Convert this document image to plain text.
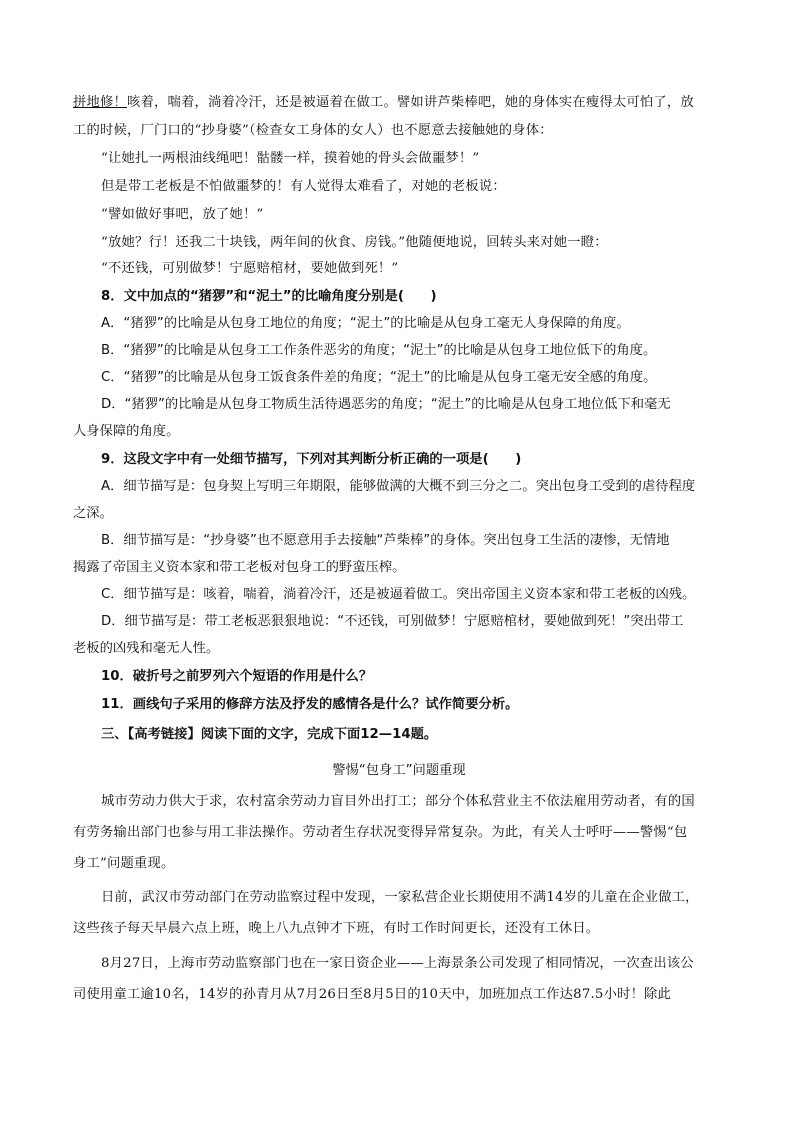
拼地修！咳着，喘着，淌着冷汗，还是被逼着在做工。譬如讲芦柴棒吧，她的身体实在瘦得太可怕了，放
工的时候，厂门口的“抄身婆”（检查女工身体的女人）也不愿意去接触她的身体：
“让她扎一两根油线绳吧！骷髅一样，摸着她的骨头会做噩梦！”
但是带工老板是不怕做噩梦的！有人觉得太难看了，对她的老板说：
“譬如做好事吧，放了她！”
“放她？行！还我二十块钱，两年间的伙食、房钱。”他随便地说，回转头来对她一瞪：
“不还钱，可别做梦！宁愿赔棺材，要她做到死！”
8．文中加点的“猪猡”和“泥土”的比喻角度分别是(　　)
A．“猪猡”的比喻是从包身工地位的角度；“泥土”的比喻是从包身工毫无人身保障的角度。
B．“猪猡”的比喻是从包身工工作条件恶劣的角度；“泥土”的比喻是从包身工地位低下的角度。
C．“猪猡”的比喻是从包身工饭食条件差的角度；“泥土”的比喻是从包身工毫无安全感的角度。
D．“猪猡”的比喻是从包身工物质生活待遇恶劣的角度；“泥土”的比喻是从包身工地位低下和毫无
人身保障的角度。
9．这段文字中有一处细节描写，下列对其判断分析正确的一项是(　　)
A．细节描写是：包身契上写明三年期限，能够做满的大概不到三分之二。突出包身工受到的虐待程度
之深。
B．细节描写是：“抄身婆”也不愿意用手去接触“芦柴棒”的身体。突出包身工生活的凄惨，无情地
揭露了帝国主义资本家和带工老板对包身工的野蛮压榨。
C．细节描写是：咳着，喘着，淌着冷汗，还是被逼着做工。突出帝国主义资本家和带工老板的凶残。
D．细节描写是：带工老板恶狠狠地说：“不还钱，可别做梦！宁愿赔棺材，要她做到死！”突出带工
老板的凶残和毫无人性。
10．破折号之前罗列六个短语的作用是什么？
11．画线句子采用的修辞方法及抒发的感情各是什么？试作简要分析。
三、【高考链接】阅读下面的文字，完成下面12—14题。
警惕“包身工”问题重现
城市劳动力供大于求，农村富余劳动力盲目外出打工；部分个体私营业主不依法雇用劳动者，有的国
有劳务输出部门也参与用工非法操作。劳动者生存状况变得异常复杂。为此，有关人士呼吁——警惕“包
身工”问题重现。
日前，武汉市劳动部门在劳动监察过程中发现，一家私营企业长期使用不满14岁的儿童在企业做工，
这些孩子每天早晨六点上班，晚上八九点钟才下班，有时工作时间更长，还没有工休日。
8月27日，上海市劳动监察部门也在一家日资企业——上海景条公司发现了相同情况，一次查出该公
司使用童工逾10名，14岁的孙青月从7月26日至8月5日的10天中，加班加点工作达87.5小时！除此
